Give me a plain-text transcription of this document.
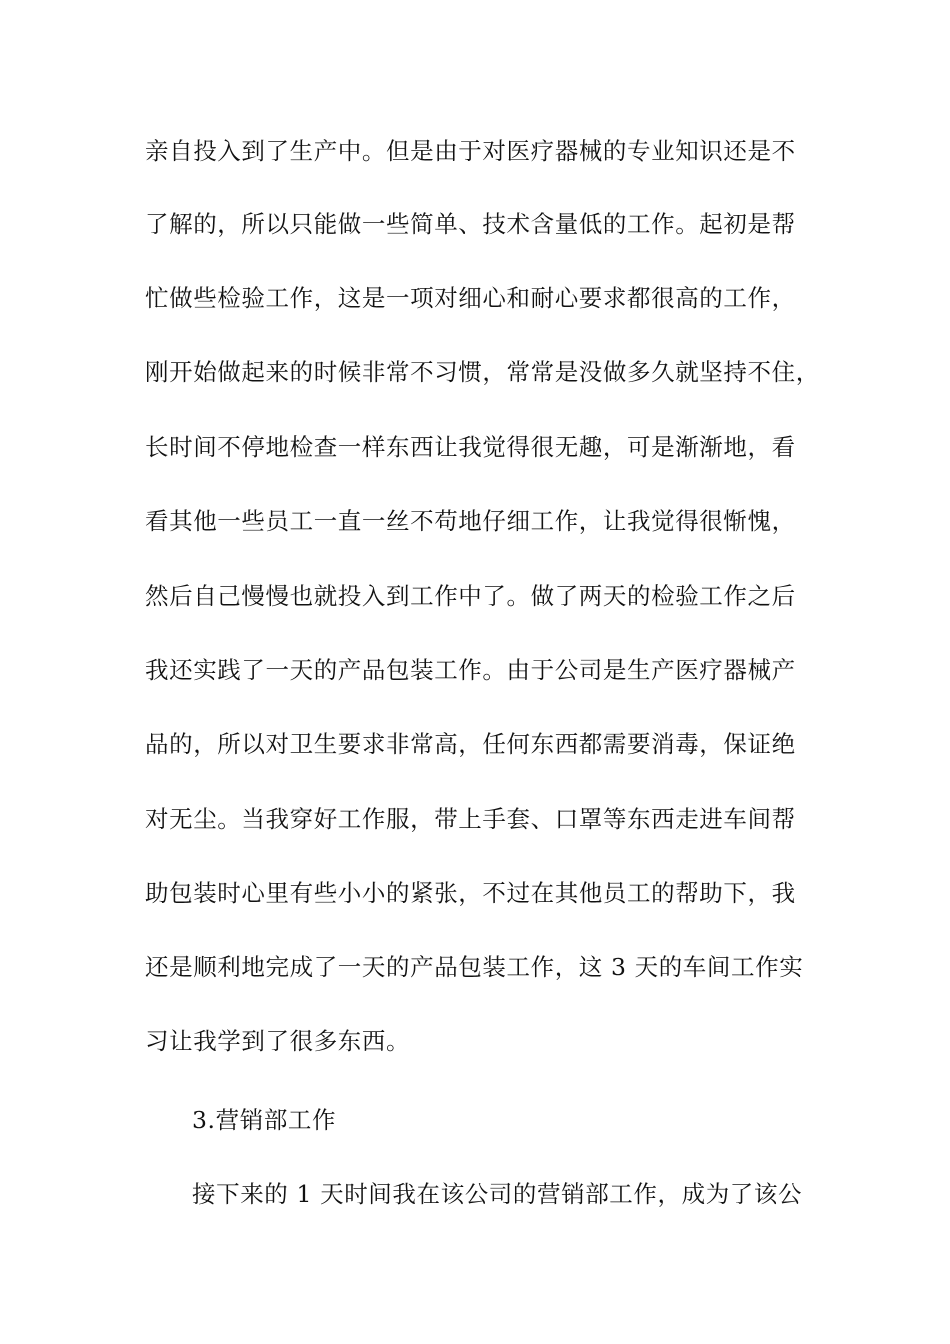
亲自投入到了生产中。但是由于对医疗器械的专业知识还是不
了解的，所以只能做一些简单、技术含量低的工作。起初是帮
忙做些检验工作，这是一项对细心和耐心要求都很高的工作，
刚开始做起来的时候非常不习惯，常常是没做多久就坚持不住，
长时间不停地检查一样东西让我觉得很无趣，可是渐渐地，看
看其他一些员工一直一丝不苟地仔细工作，让我觉得很惭愧，
然后自己慢慢也就投入到工作中了。做了两天的检验工作之后
我还实践了一天的产品包装工作。由于公司是生产医疗器械产
品的，所以对卫生要求非常高，任何东西都需要消毒，保证绝
对无尘。当我穿好工作服，带上手套、口罩等东西走进车间帮
助包装时心里有些小小的紧张，不过在其他员工的帮助下，我
还是顺利地完成了一天的产品包装工作，这 3 天的车间工作实
习让我学到了很多东西。
3.营销部工作
接下来的 1 天时间我在该公司的营销部工作，成为了该公
